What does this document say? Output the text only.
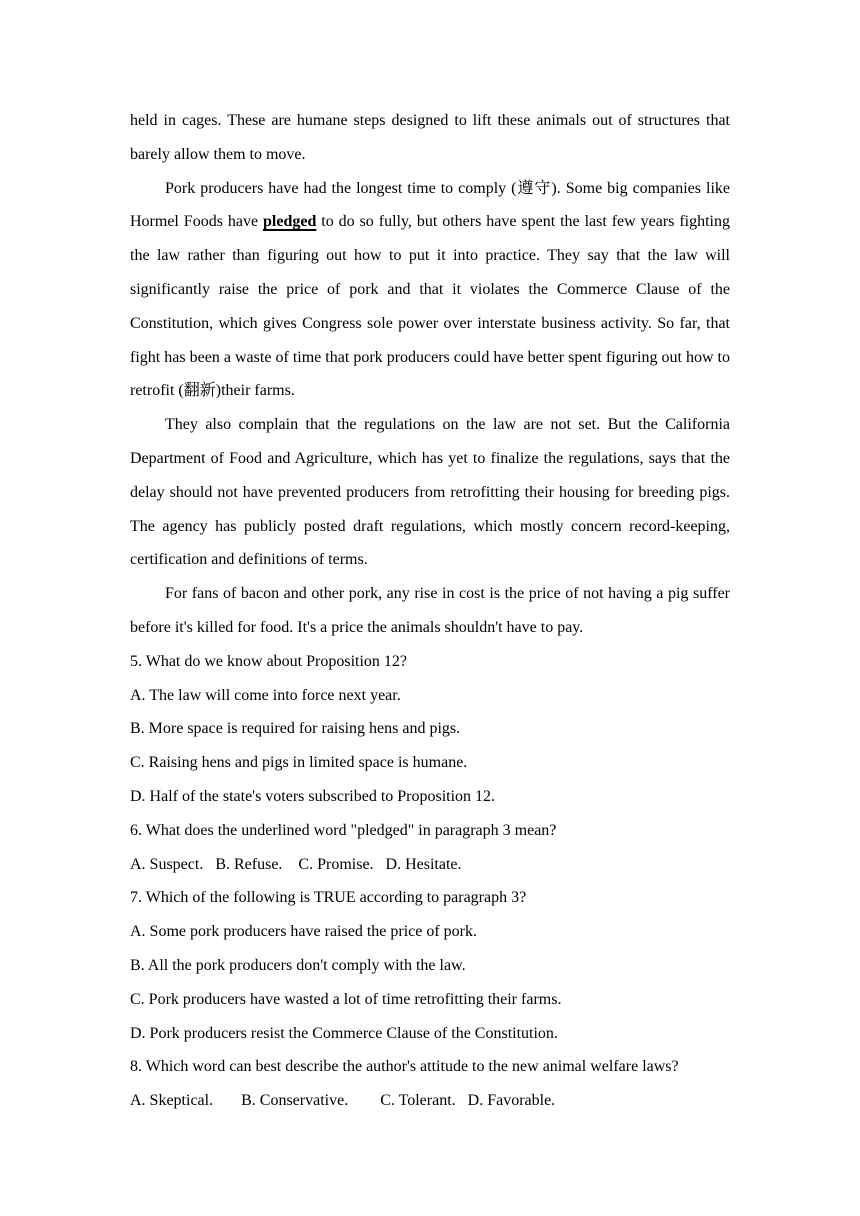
held in cages. These are humane steps designed to lift these animals out of structures that barely allow them to move.

Pork producers have had the longest time to comply (遵守). Some big companies like Hormel Foods have pledged to do so fully, but others have spent the last few years fighting the law rather than figuring out how to put it into practice. They say that the law will significantly raise the price of pork and that it violates the Commerce Clause of the Constitution, which gives Congress sole power over interstate business activity. So far, that fight has been a waste of time that pork producers could have better spent figuring out how to retrofit (翻新)their farms.

They also complain that the regulations on the law are not set. But the California Department of Food and Agriculture, which has yet to finalize the regulations, says that the delay should not have prevented producers from retrofitting their housing for breeding pigs. The agency has publicly posted draft regulations, which mostly concern record-keeping, certification and definitions of terms.

For fans of bacon and other pork, any rise in cost is the price of not having a pig suffer before it's killed for food. It's a price the animals shouldn't have to pay.

5. What do we know about Proposition 12?

A. The law will come into force next year.

B. More space is required for raising hens and pigs.

C. Raising hens and pigs in limited space is humane.

D. Half of the state's voters subscribed to Proposition 12.

6. What does the underlined word "pledged" in paragraph 3 mean?

A. Suspect.   B. Refuse.    C. Promise.   D. Hesitate.

7. Which of the following is TRUE according to paragraph 3?

A. Some pork producers have raised the price of pork.

B. All the pork producers don't comply with the law.

C. Pork producers have wasted a lot of time retrofitting their farms.

D. Pork producers resist the Commerce Clause of the Constitution.

8. Which word can best describe the author's attitude to the new animal welfare laws?

A. Skeptical.       B. Conservative.        C. Tolerant.   D. Favorable.
